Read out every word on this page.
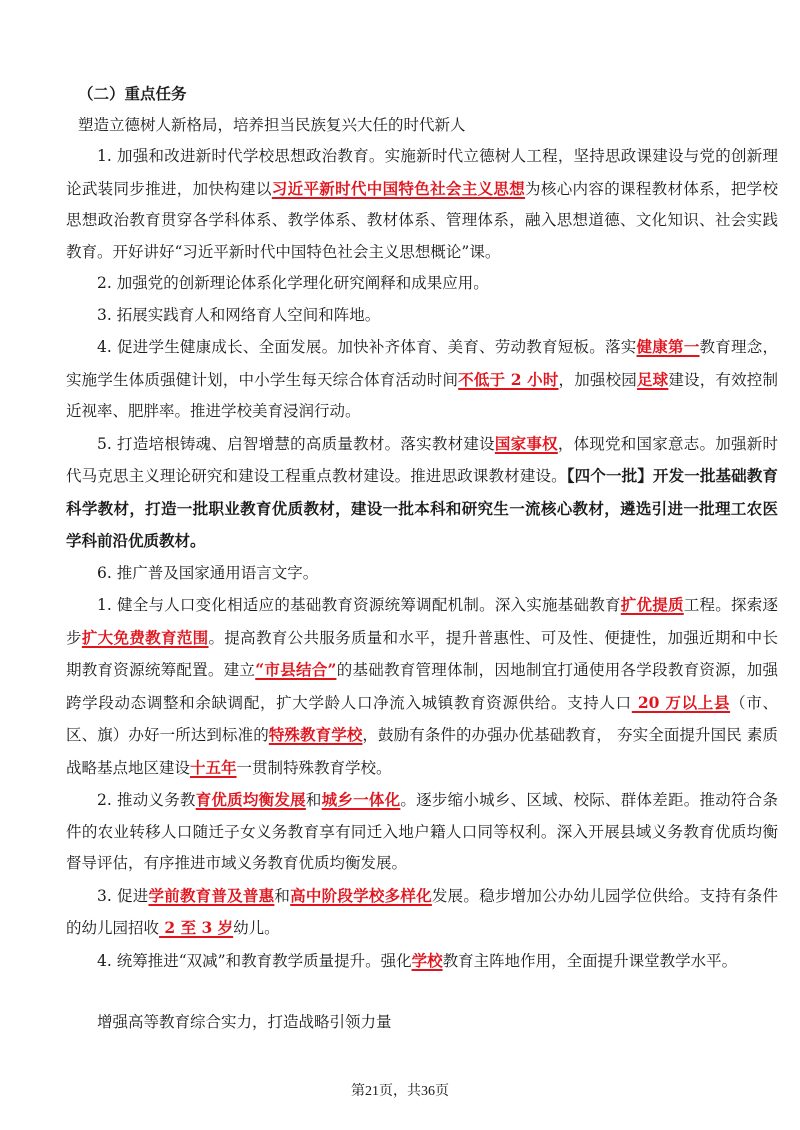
（二）重点任务

塑造立德树人新格局，培养担当民族复兴大任的时代新人

1. 加强和改进新时代学校思想政治教育。实施新时代立德树人工程，坚持思政课建设与党的创新理论武装同步推进，加快构建以习近平新时代中国特色社会主义思想为核心内容的课程教材体系，把学校思想政治教育贯穿各学科体系、教学体系、教材体系、管理体系，融入思想道德、文化知识、社会实践教育。开好讲好“习近平新时代中国特色社会主义思想概论”课。

2. 加强党的创新理论体系化学理化研究阐释和成果应用。

3. 拓展实践育人和网络育人空间和阵地。

4. 促进学生健康成长、全面发展。加快补齐体育、美育、劳动教育短板。落实健康第一教育理念，实施学生体质强健计划，中小学生每天综合体育活动时间不低于 2 小时，加强校园足球建设，有效控制近视率、肥胖率。推进学校美育浸润行动。

5. 打造培根铸魂、启智增慧的高质量教材。落实教材建设国家事权，体现党和国家意志。加强新时代马克思主义理论研究和建设工程重点教材建设。推进思政课教材建设。【四个一批】开发一批基础教育科学教材，打造一批职业教育优质教材，建设一批本科和研究生一流核心教材，遴选引进一批理工农医学科前沿优质教材。

6. 推广普及国家通用语言文字。

1. 健全与人口变化相适应的基础教育资源统筹调配机制。深入实施基础教育扩优提质工程。探索逐步扩大免费教育范围。提高教育公共服务质量和水平，提升普惠性、可及性、便捷性，加强近期和中长期教育资源统筹配置。建立“市县结合”的基础教育管理体制，因地制宜打通使用各学段教育资源，加强跨学段动态调整和余缺调配，扩大学龄人口净流入城镇教育资源供给。支持人口 20 万以上县（市、区、旗）办好一所达到标准的特殊教育学校，鼓励有条件的办强办优基础教育， 夯实全面提升国民 素质战略基点地区建设十五年一贯制特殊教育学校。

2. 推动义务教育优质均衡发展和城乡一体化。逐步缩小城乡、区域、校际、群体差距。推动符合条件的农业转移人口随迁子女义务教育享有同迁入地户籍人口同等权利。深入开展县域义务教育优质均衡督导评估，有序推进市域义务教育优质均衡发展。

3. 促进学前教育普及普惠和高中阶段学校多样化发展。稳步增加公办幼儿园学位供给。支持有条件的幼儿园招收 2 至 3 岁幼儿。

4. 统筹推进“双减”和教育教学质量提升。强化学校教育主阵地作用，全面提升课堂教学水平。

增强高等教育综合实力，打造战略引领力量

第21页，共36页
